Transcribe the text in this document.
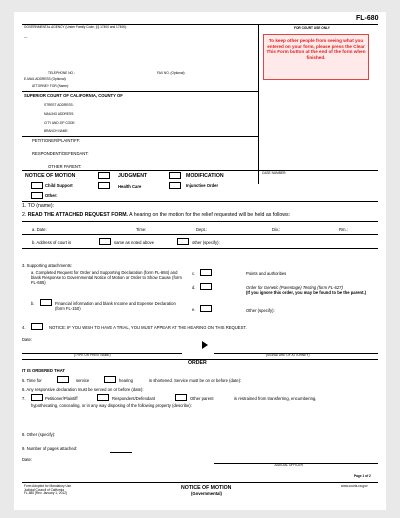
FL-680
GOVERNMENTAL AGENCY (Under Family Code, §§ 17400 and 17406):
—
FOR COURT USE ONLY
To keep other people from seeing what you entered on your form, please press the Clear This Form button at the end of the form when finished.
TELEPHONE NO.:	FAX NO. (Optional):
E-MAIL ADDRESS (Optional):
ATTORNEY FOR (Name):
SUPERIOR COURT OF CALIFORNIA, COUNTY OF
STREET ADDRESS:
MAILING ADDRESS:
CITY AND ZIP CODE:
BRANCH NAME:
PETITIONER/PLAINTIFF:
RESPONDENT/DEFENDANT:
OTHER PARENT:
CASE NUMBER:
NOTICE OF MOTION	JUDGMENT	MODIFICATION
Child Support	Health Care	Injunctive Order
Other:
1. TO (name):
2. READ THE ATTACHED REQUEST FORM. A hearing on the motion for the relief requested will be held as follows:
a. Date:	Time:	Dept.:	Div.:	Rm.:
b. Address of court is	same as noted above	other (specify):
3. Supporting attachments:
a. Completed Request for Order and Supporting Declaration (form FL-684) and blank Response to Governmental Notice of Motion or Order to Show Cause (form FL-685)
b.	Financial information and blank Income and Expense Declaration (form FL-150)
c.	Points and authorities
d.	Order for Genetic (Parentage) Testing (form FL-627)
(If you ignore this order, you may be found to be the parent.)
e.	Other (specify):
4.	NOTICE: IF YOU WISH TO HAVE A TRIAL, YOU MUST APPEAR AT THE HEARING ON THIS REQUEST.
Date:
(TYPE OR PRINT NAME)	(SIGNATURE OF ATTORNEY)
ORDER
IT IS ORDERED THAT
5. Time for	service	hearing	is shortened. Service must be on or before (date):
6. Any responsive declaration must be served on or before (date):
7.	Petitioner/Plaintiff	Respondent/Defendant	Other parent	is restrained from transferring, encumbering,
hypothecating, concealing, or in any way disposing of the following property (describe):
8. Other (specify):
9. Number of pages attached:
Date:
JUDICIAL OFFICER
Page 1 of 2
Form Adopted for Mandatory Use
Judicial Council of California
FL-680 [Rev. January 1, 2012]
NOTICE OF MOTION
(Governmental)
www.courts.ca.gov
